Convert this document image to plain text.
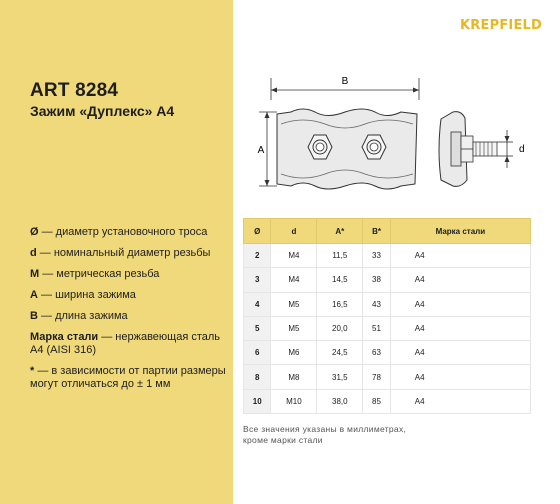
ART 8284
Зажим «Дуплекс» А4
Ø — диаметр установочного троса
d — номинальный диаметр резьбы
M — метрическая резьба
A — ширина зажима
B — длина зажима
Марка стали — нержавеющая сталь А4 (AISI 316)
* — в зависимости от партии размеры могут отличаться до ± 1 мм
KREPFIELD
B
A	d
Ø	d	A*	B*	Марка стали
2	M4	11,5	33	A4
3	M4	14,5	38	A4
4	M5	16,5	43	A4
5	M5	20,0	51	A4
6	M6	24,5	63	A4
8	M8	31,5	78	A4
10	M10	38,0	85	A4
Все значения указаны в миллиметрах,
кроме марки стали
